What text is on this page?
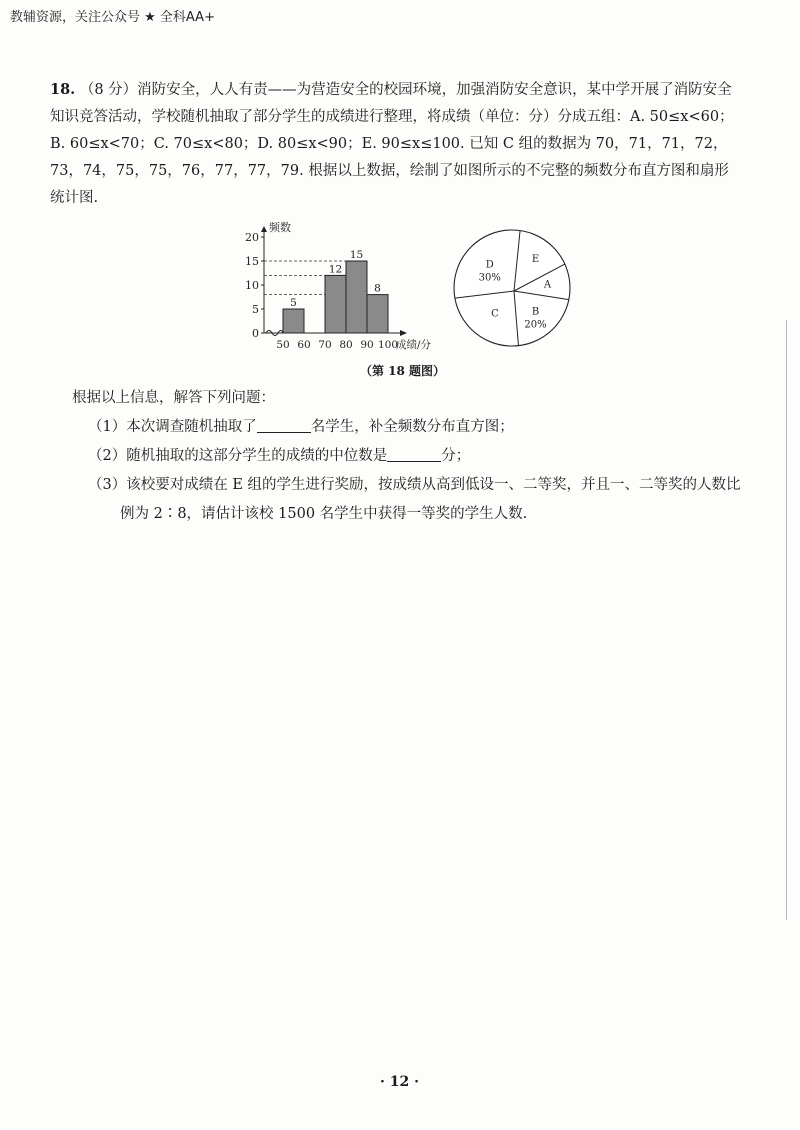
教辅资源，关注公众号 ★ 全科AA+
18. （8 分）消防安全，人人有责——为营造安全的校园环境，加强消防安全意识，某中学开展了消防安全知识竞答活动，学校随机抽取了部分学生的成绩进行整理，将成绩（单位：分）分成五组：A. 50≤x<60；B. 60≤x<70；C. 70≤x<80；D. 80≤x<90；E. 90≤x≤100. 已知 C 组的数据为 70，71，71，72，73，74，75，75，76，77，77，79. 根据以上数据，绘制了如图所示的不完整的频数分布直方图和扇形统计图.
频数
0
5
10
15
20
5
12
15
8
50 60 70 80 90 100
成绩/分
E
A
B
20%
C
D
30%
（第 18 题图）
根据以上信息，解答下列问题：
（1）本次调查随机抽取了	名学生，补全频数分布直方图；
（2）随机抽取的这部分学生的成绩的中位数是	分；
（3）该校要对成绩在 E 组的学生进行奖励，按成绩从高到低设一、二等奖，并且一、二等奖的人数比
例为 2∶8，请估计该校 1500 名学生中获得一等奖的学生人数.
· 12 ·
